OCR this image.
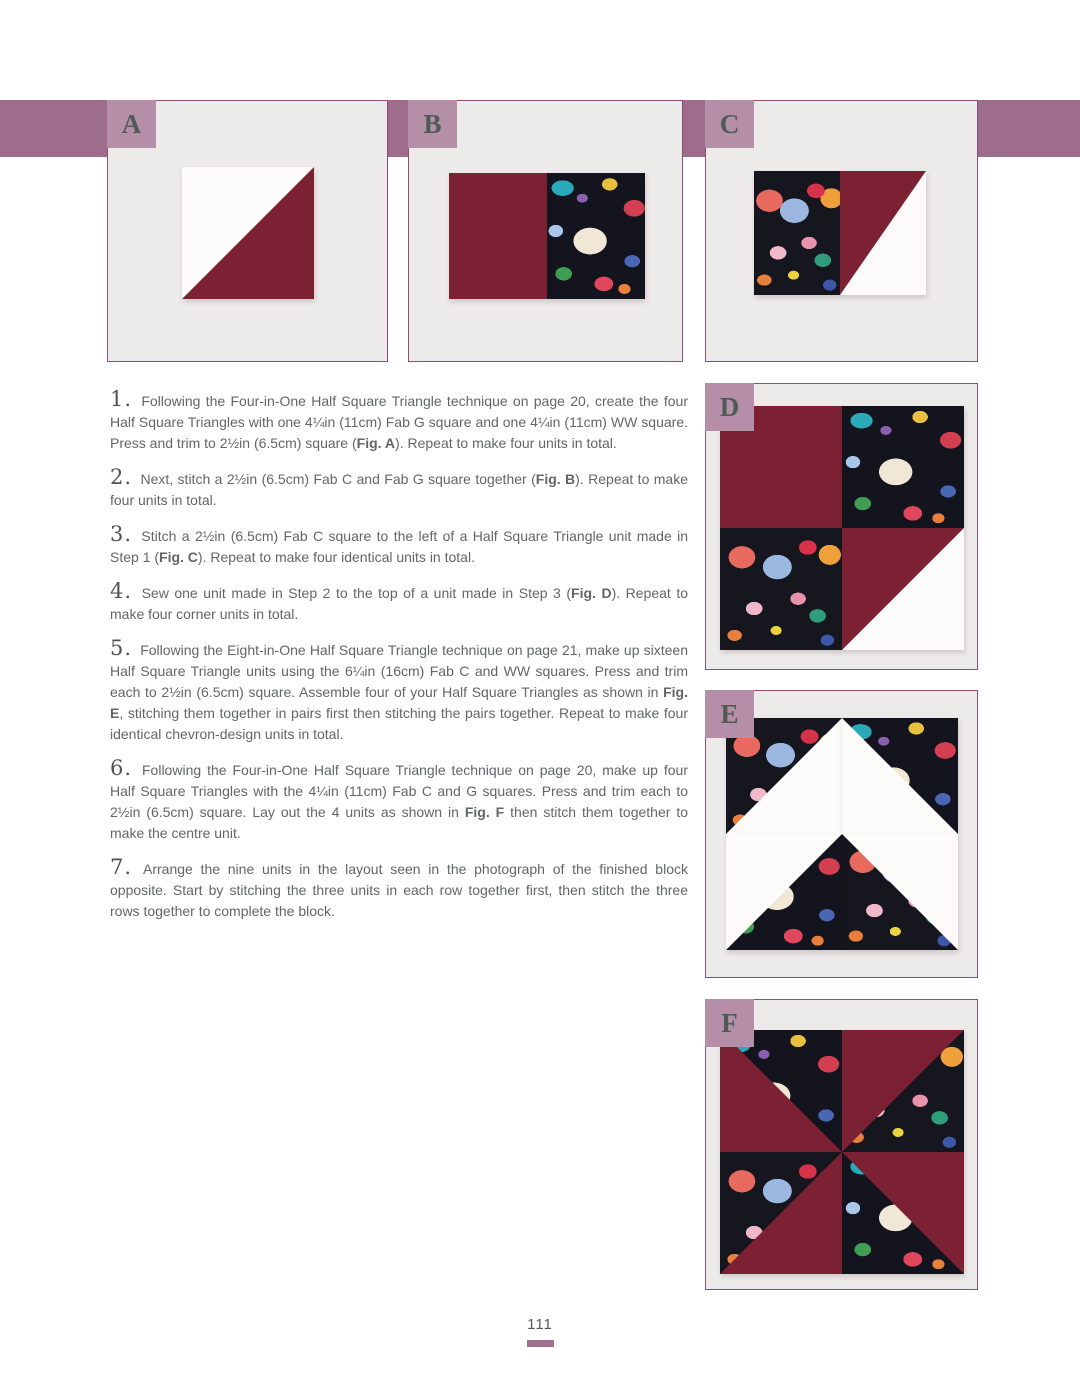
A	B	C
D
E
F

1. Following the Four-in-One Half Square Triangle technique on page 20, create the four Half Square Triangles with one 4¼in (11cm) Fab G square and one 4¼in (11cm) WW square. Press and trim to 2½in (6.5cm) square (Fig. A). Repeat to make four units in total.

2. Next, stitch a 2½in (6.5cm) Fab C and Fab G square together (Fig. B). Repeat to make four units in total.

3. Stitch a 2½in (6.5cm) Fab C square to the left of a Half Square Triangle unit made in Step 1 (Fig. C). Repeat to make four identical units in total.

4. Sew one unit made in Step 2 to the top of a unit made in Step 3 (Fig. D). Repeat to make four corner units in total.

5. Following the Eight-in-One Half Square Triangle technique on page 21, make up sixteen Half Square Triangle units using the 6¼in (16cm) Fab C and WW squares. Press and trim each to 2½in (6.5cm) square. Assemble four of your Half Square Triangles as shown in Fig. E, stitching them together in pairs first then stitching the pairs together. Repeat to make four identical chevron-design units in total.

6. Following the Four-in-One Half Square Triangle technique on page 20, make up four Half Square Triangles with the 4¼in (11cm) Fab C and G squares. Press and trim each to 2½in (6.5cm) square. Lay out the 4 units as shown in Fig. F then stitch them together to make the centre unit.

7. Arrange the nine units in the layout seen in the photograph of the finished block opposite. Start by stitching the three units in each row together first, then stitch the three rows together to complete the block.

111
